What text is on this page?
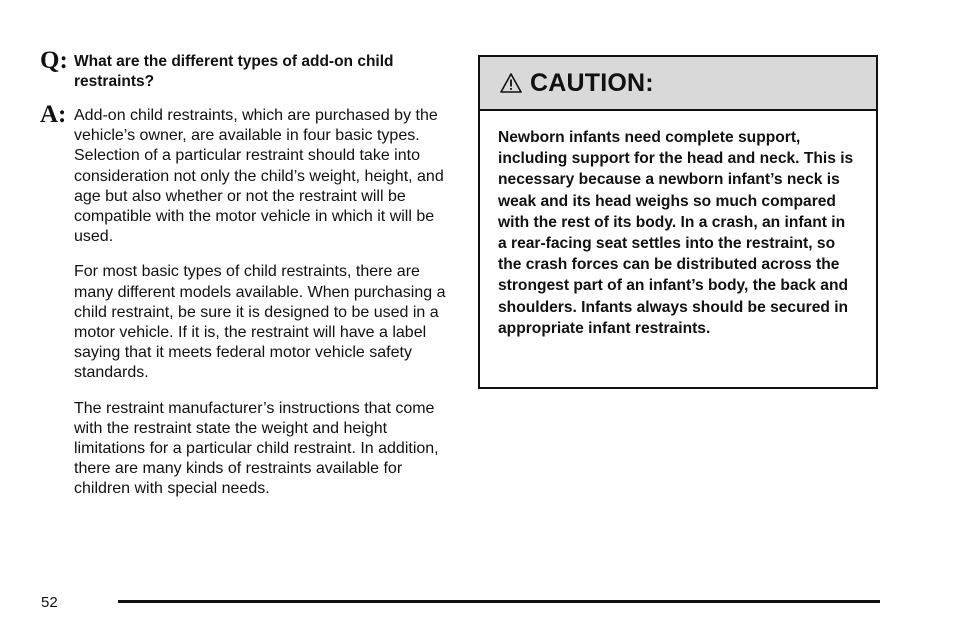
Q: What are the different types of add-on child restraints?
A: Add-on child restraints, which are purchased by the vehicle’s owner, are available in four basic types. Selection of a particular restraint should take into consideration not only the child’s weight, height, and age but also whether or not the restraint will be compatible with the motor vehicle in which it will be used.

For most basic types of child restraints, there are many different models available. When purchasing a child restraint, be sure it is designed to be used in a motor vehicle. If it is, the restraint will have a label saying that it meets federal motor vehicle safety standards.

The restraint manufacturer’s instructions that come with the restraint state the weight and height limitations for a particular child restraint. In addition, there are many kinds of restraints available for children with special needs.

CAUTION:
Newborn infants need complete support, including support for the head and neck. This is necessary because a newborn infant’s neck is weak and its head weighs so much compared with the rest of its body. In a crash, an infant in a rear-facing seat settles into the restraint, so the crash forces can be distributed across the strongest part of an infant’s body, the back and shoulders. Infants always should be secured in appropriate infant restraints.
52
